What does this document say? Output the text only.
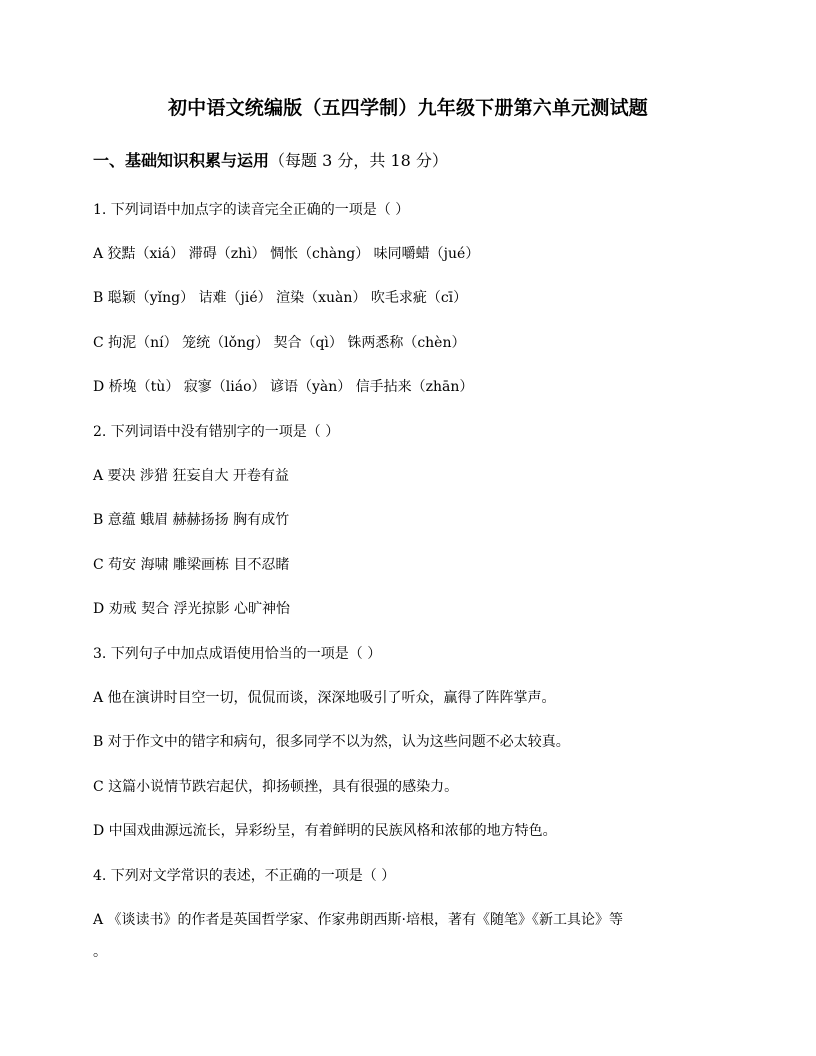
初中语文统编版（五四学制）九年级下册第六单元测试题
一、基础知识积累与运用（每题 3 分，共 18 分）
1. 下列词语中加点字的读音完全正确的一项是（ ）
A 狡黠（xiá） 滞碍（zhì） 惆怅（chàng） 味同嚼蜡（jué）
B 聪颖（yǐng） 诘难（jié） 渲染（xuàn） 吹毛求疵（cī）
C 拘泥（ní） 笼统（lǒng） 契合（qì） 铢两悉称（chèn）
D 桥堍（tù） 寂寥（liáo） 谚语（yàn） 信手拈来（zhān）
2. 下列词语中没有错别字的一项是（ ）
A 要决 涉猎 狂妄自大 开卷有益
B 意蕴 蛾眉 赫赫扬扬 胸有成竹
C 苟安 海啸 雕梁画栋 目不忍睹
D 劝戒 契合 浮光掠影 心旷神怡
3. 下列句子中加点成语使用恰当的一项是（ ）
A 他在演讲时目空一切，侃侃而谈，深深地吸引了听众，赢得了阵阵掌声。
B 对于作文中的错字和病句，很多同学不以为然，认为这些问题不必太较真。
C 这篇小说情节跌宕起伏，抑扬顿挫，具有很强的感染力。
D 中国戏曲源远流长，异彩纷呈，有着鲜明的民族风格和浓郁的地方特色。
4. 下列对文学常识的表述，不正确的一项是（ ）
A 《谈读书》的作者是英国哲学家、作家弗朗西斯·培根，著有《随笔》《新工具论》等
。
